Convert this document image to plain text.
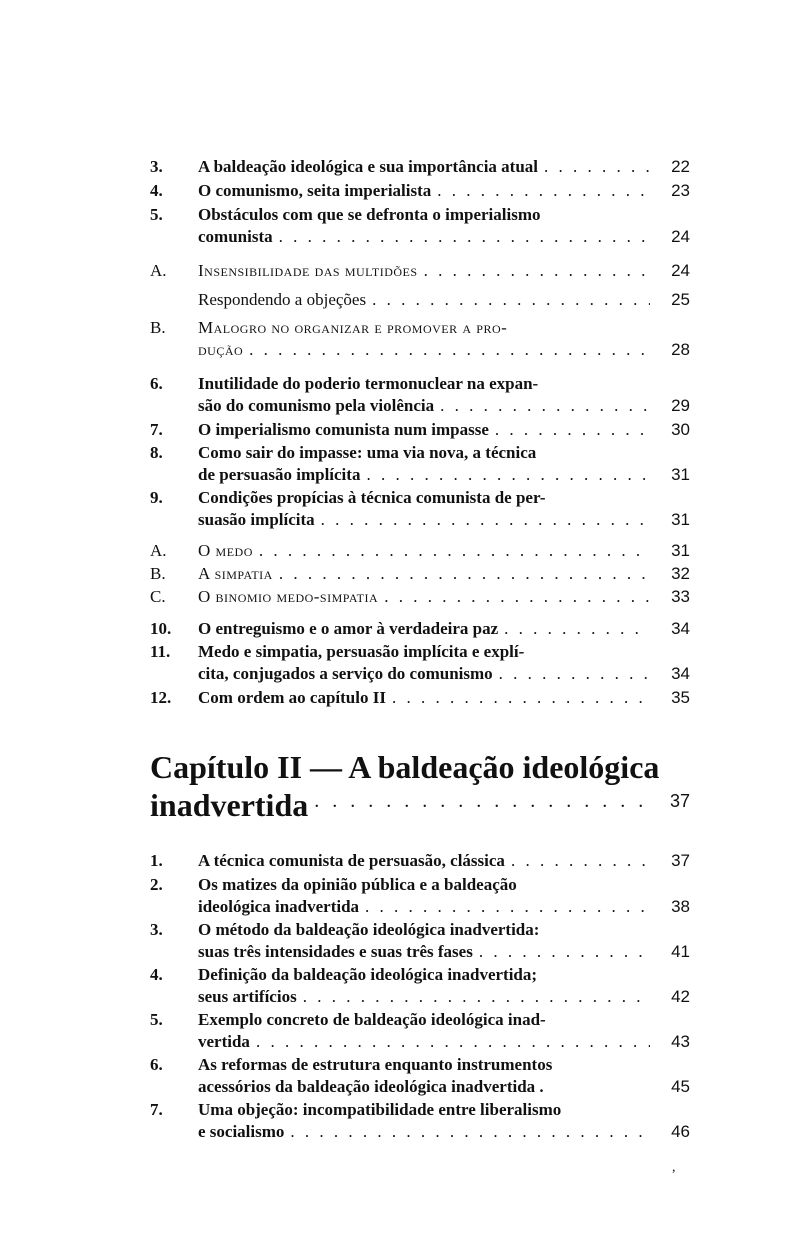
3.	A baldeação ideológica e sua importância atual . . .	22
4.	O comunismo, seita imperialista . . .	23
5.	Obstáculos com que se defronta o imperialismo
comunista . . .	24
A.	Insensibilidade das multidões . . .	24
Respondendo a objeções . . .	25
B.	Malogro no organizar e promover a pro-
dução . . .	28
6.	Inutilidade do poderio termonuclear na expan-
são do comunismo pela violência . . .	29
7.	O imperialismo comunista num impasse . . .	30
8.	Como sair do impasse: uma via nova, a técnica
de persuasão implícita . . .	31
9.	Condições propícias à técnica comunista de per-
suasão implícita . . .	31
A.	O medo . . .	31
B.	A simpatia . . .	32
C.	O binomio medo-simpatia . . .	33
10.	O entreguismo e o amor à verdadeira paz . . .	34
11.	Medo e simpatia, persuasão implícita e explí-
cita, conjugados a serviço do comunismo . . .	34
12.	Com ordem ao capítulo II . . .	35
Capítulo II — A baldeação ideológica
inadvertida . . .	37
1.	A técnica comunista de persuasão, clássica . . .	37
2.	Os matizes da opinião pública e a baldeação
ideológica inadvertida . . .	38
3.	O método da baldeação ideológica inadvertida:
suas três intensidades e suas três fases . . .	41
4.	Definição da baldeação ideológica inadvertida;
seus artifícios . . .	42
5.	Exemplo concreto de baldeação ideológica inad-
vertida . . .	43
6.	As reformas de estrutura enquanto instrumentos
acessórios da baldeação ideológica inadvertida .	45
7.	Uma objeção: incompatibilidade entre liberalismo
e socialismo . . .	46
,
